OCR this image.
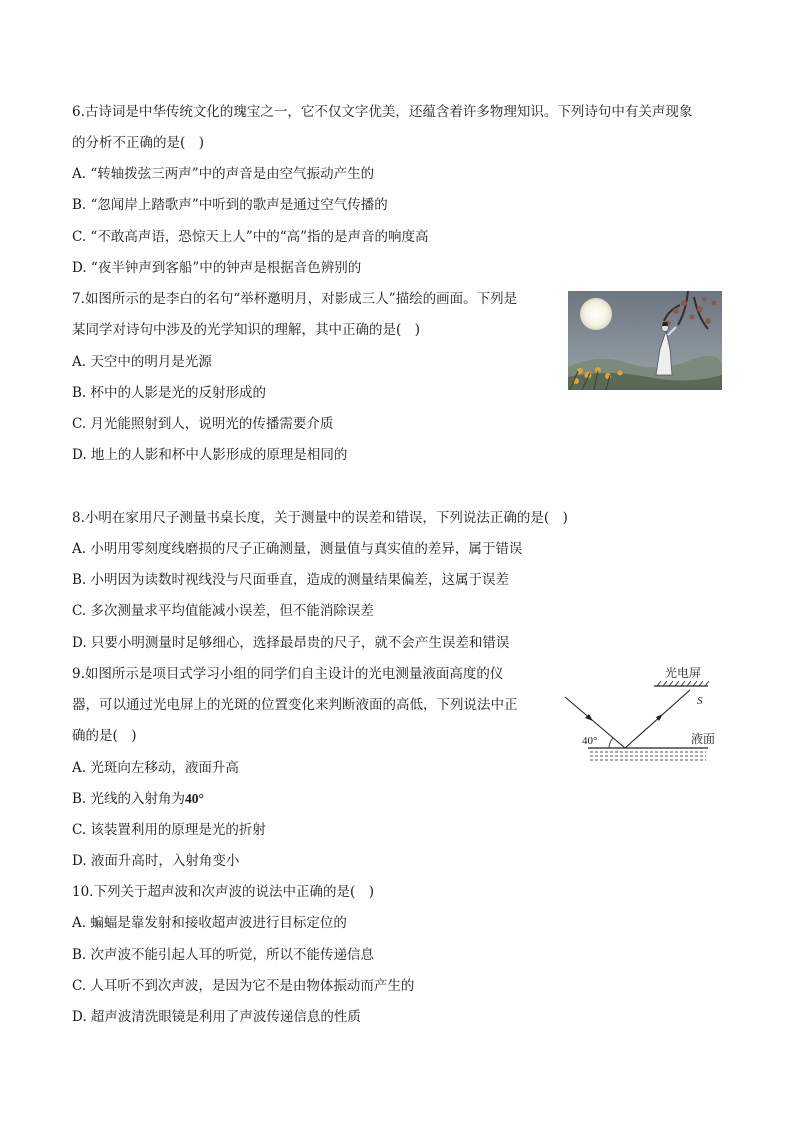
6.古诗词是中华传统文化的瑰宝之一，它不仅文字优美，还蕴含着许多物理知识。下列诗句中有关声现象
的分析不正确的是(　)
A. “转轴拨弦三两声”中的声音是由空气振动产生的
B. “忽闻岸上踏歌声”中听到的歌声是通过空气传播的
C. “不敢高声语，恐惊天上人”中的“高”指的是声音的响度高
D. “夜半钟声到客船”中的钟声是根据音色辨别的
7.如图所示的是李白的名句“举杯邀明月，对影成三人”描绘的画面。下列是
某同学对诗句中涉及的光学知识的理解，其中正确的是(　)
A. 天空中的明月是光源
B. 杯中的人影是光的反射形成的
C. 月光能照射到人，说明光的传播需要介质
D. 地上的人影和杯中人影形成的原理是相同的
8.小明在家用尺子测量书桌长度，关于测量中的误差和错误，下列说法正确的是(　)
A. 小明用零刻度线磨损的尺子正确测量，测量值与真实值的差异，属于错误
B. 小明因为读数时视线没与尺面垂直，造成的测量结果偏差，这属于误差
C. 多次测量求平均值能减小误差，但不能消除误差
D. 只要小明测量时足够细心，选择最昂贵的尺子，就不会产生误差和错误
9.如图所示是项目式学习小组的同学们自主设计的光电测量液面高度的仪
器，可以通过光电屏上的光斑的位置变化来判断液面的高低，下列说法中正
确的是(　)
A. 光斑向左移动，液面升高
B. 光线的入射角为40°
C. 该装置利用的原理是光的折射
D. 液面升高时，入射角变小
光电屏
S
40°	液面
10.下列关于超声波和次声波的说法中正确的是(　)
A. 蝙蝠是靠发射和接收超声波进行目标定位的
B. 次声波不能引起人耳的听觉，所以不能传递信息
C. 人耳听不到次声波，是因为它不是由物体振动而产生的
D. 超声波清洗眼镜是利用了声波传递信息的性质
